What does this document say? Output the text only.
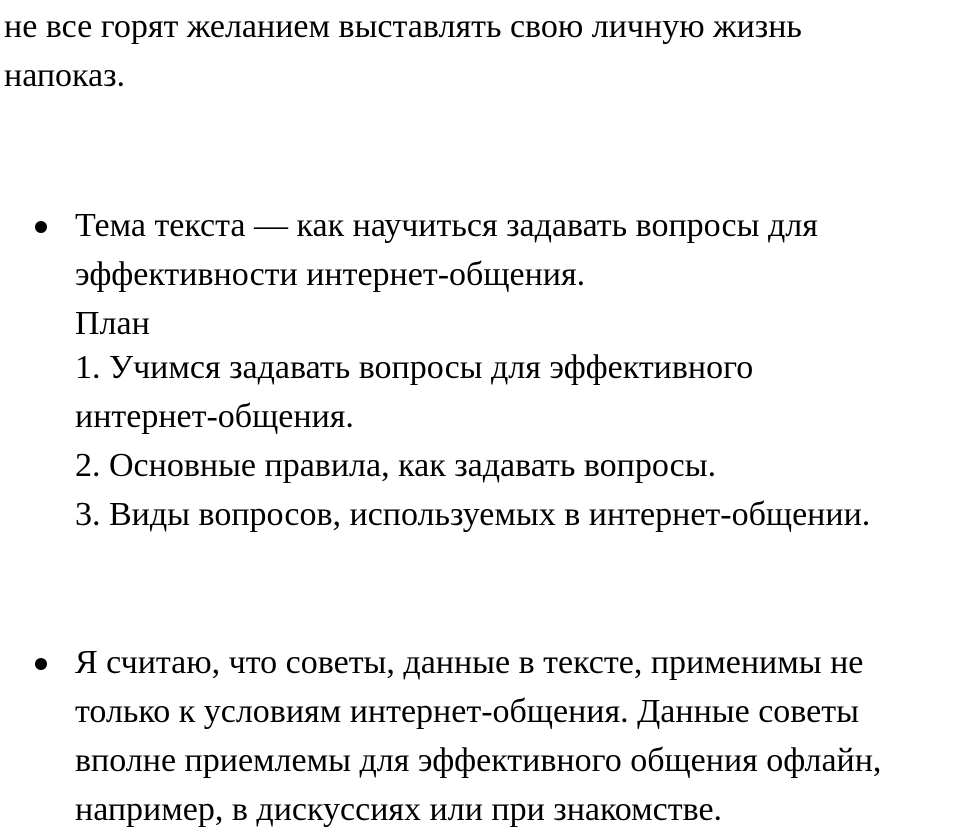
не все горят желанием выставлять свою личную жизнь
напоказ.
Тема текста — как научиться задавать вопросы для
эффективности интернет-общения.
План
1. Учимся задавать вопросы для эффективного
интернет-общения.
2. Основные правила, как задавать вопросы.
3. Виды вопросов, используемых в интернет-общении.
Я считаю, что советы, данные в тексте, применимы не
только к условиям интернет-общения. Данные советы
вполне приемлемы для эффективного общения офлайн,
например, в дискуссиях или при знакомстве.
